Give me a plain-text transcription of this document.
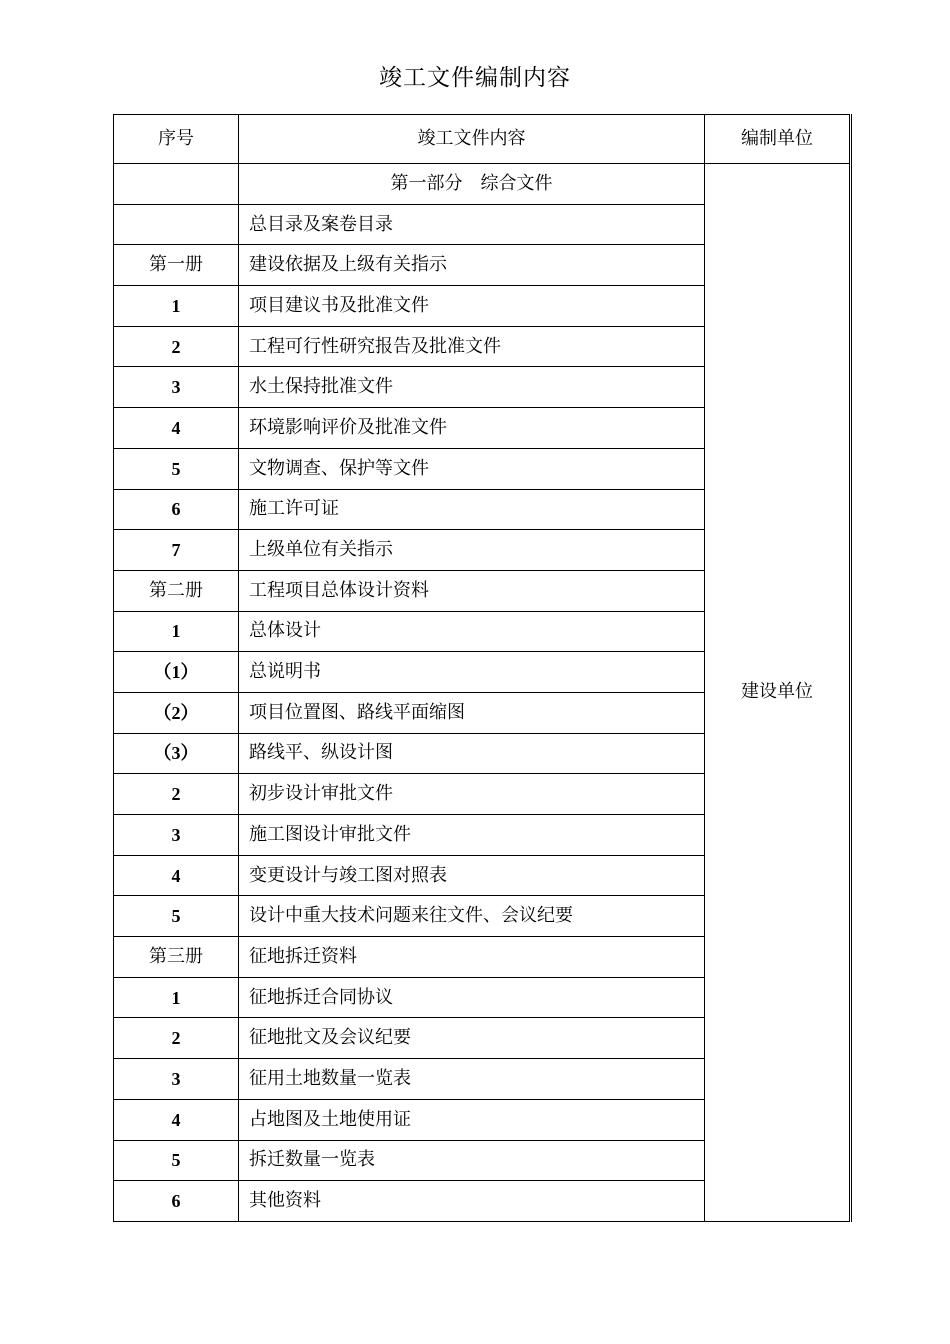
竣工文件编制内容
序号	竣工文件内容	编制单位
	第一部分　综合文件	建设单位
	总目录及案卷目录	
第一册	建设依据及上级有关指示	
1	项目建议书及批准文件	
2	工程可行性研究报告及批准文件	
3	水土保持批准文件	
4	环境影响评价及批准文件	
5	文物调查、保护等文件	
6	施工许可证	
7	上级单位有关指示	
第二册	工程项目总体设计资料	
1	总体设计	
（1）	总说明书	
（2）	项目位置图、路线平面缩图	
（3）	路线平、纵设计图	
2	初步设计审批文件	
3	施工图设计审批文件	
4	变更设计与竣工图对照表	
5	设计中重大技术问题来往文件、会议纪要	
第三册	征地拆迁资料	
1	征地拆迁合同协议	
2	征地批文及会议纪要	
3	征用土地数量一览表	
4	占地图及土地使用证	
5	拆迁数量一览表	
6	其他资料	
